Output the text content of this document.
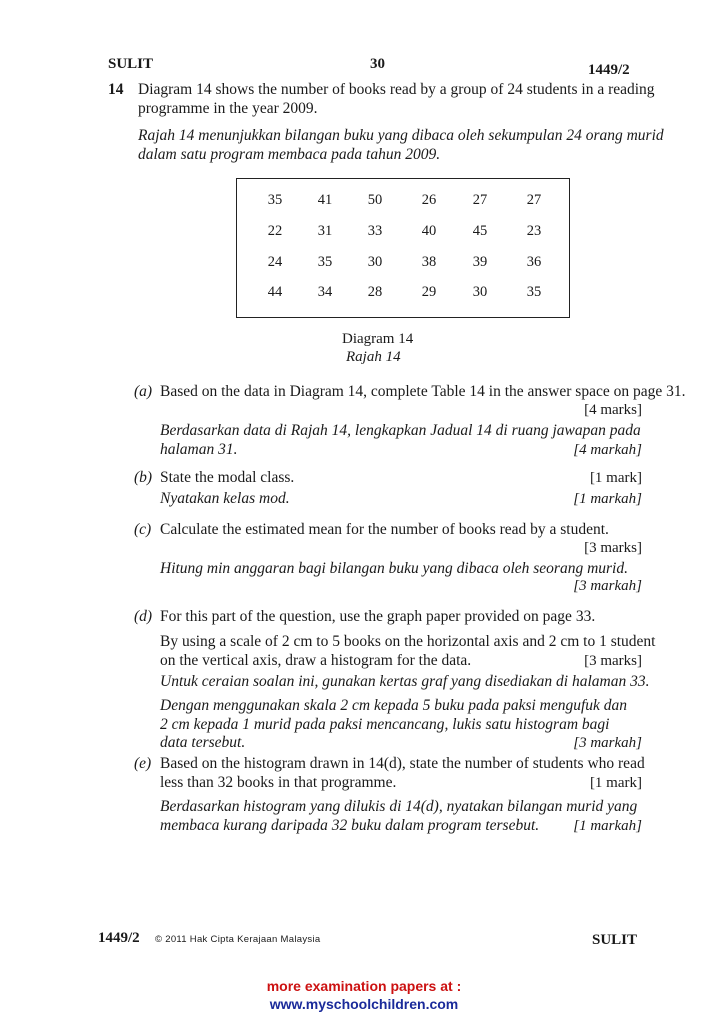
SULIT	30	1449/2
14 Diagram 14 shows the number of books read by a group of 24 students in a reading
programme in the year 2009.
Rajah 14 menunjukkan bilangan buku yang dibaca oleh sekumpulan 24 orang murid
dalam satu program membaca pada tahun 2009.
35	41	50	26	27	27
22	31	33	40	45	23
24	35	30	38	39	36
44	34	28	29	30	35
Diagram 14
Rajah 14
(a) Based on the data in Diagram 14, complete Table 14 in the answer space on page 31.
[4 marks]
Berdasarkan data di Rajah 14, lengkapkan Jadual 14 di ruang jawapan pada
halaman 31.	[4 markah]
(b) State the modal class.	[1 mark]
Nyatakan kelas mod.	[1 markah]
(c) Calculate the estimated mean for the number of books read by a student.
[3 marks]
Hitung min anggaran bagi bilangan buku yang dibaca oleh seorang murid.
[3 markah]
(d) For this part of the question, use the graph paper provided on page 33.
By using a scale of 2 cm to 5 books on the horizontal axis and 2 cm to 1 student
on the vertical axis, draw a histogram for the data.	[3 marks]
Untuk ceraian soalan ini, gunakan kertas graf yang disediakan di halaman 33.
Dengan menggunakan skala 2 cm kepada 5 buku pada paksi mengufuk dan
2 cm kepada 1 murid pada paksi mencancang, lukis satu histogram bagi
data tersebut.	[3 markah]
(e) Based on the histogram drawn in 14(d), state the number of students who read
less than 32 books in that programme.	[1 mark]
Berdasarkan histogram yang dilukis di 14(d), nyatakan bilangan murid yang
membaca kurang daripada 32 buku dalam program tersebut. [1 markah]
1449/2 © 2011 Hak Cipta Kerajaan Malaysia	SULIT
more examination papers at :
www.myschoolchildren.com
